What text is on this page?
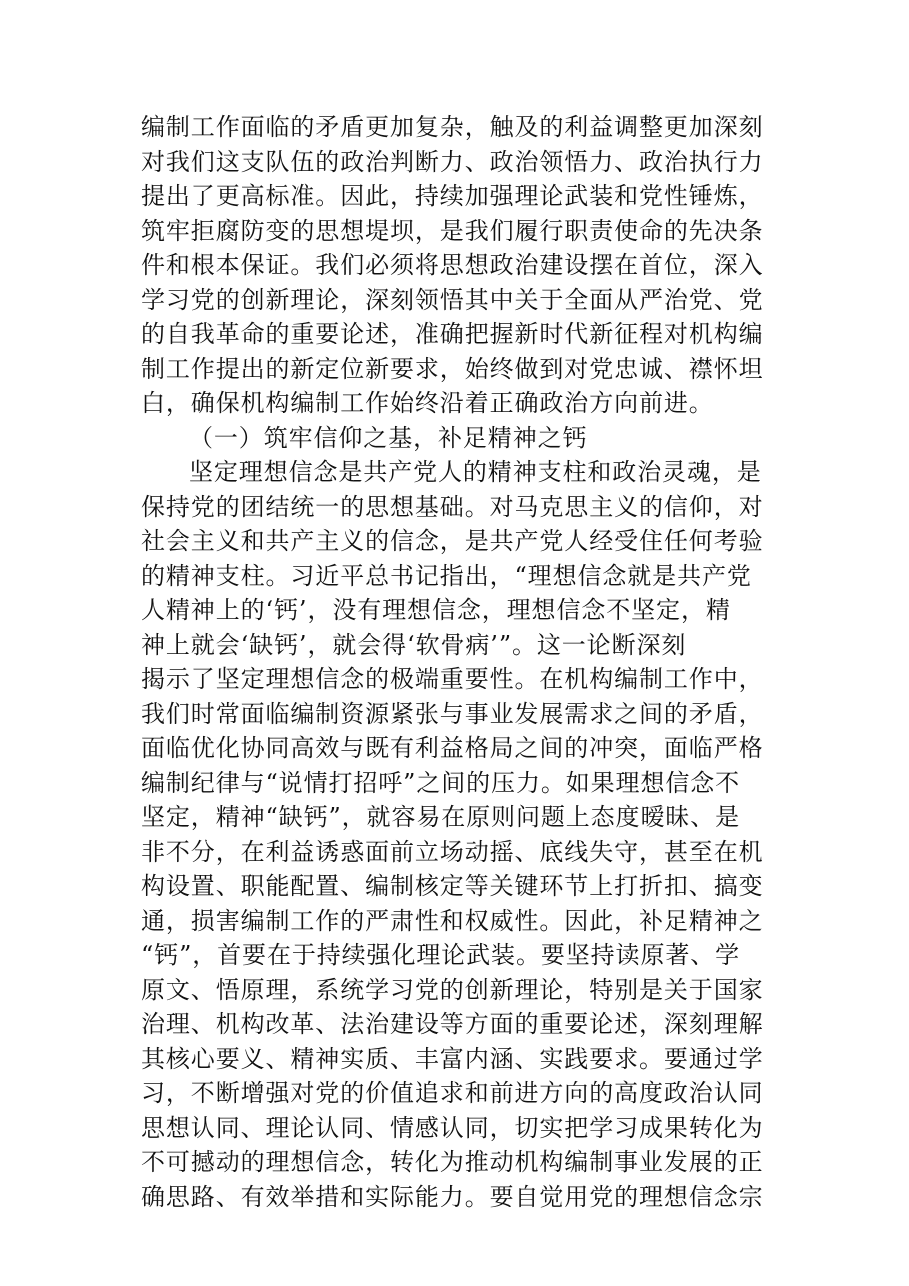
编制工作面临的矛盾更加复杂，触及的利益调整更加深刻
对我们这支队伍的政治判断力、政治领悟力、政治执行力
提出了更高标准。因此，持续加强理论武装和党性锤炼，
筑牢拒腐防变的思想堤坝，是我们履行职责使命的先决条
件和根本保证。我们必须将思想政治建设摆在首位，深入
学习党的创新理论，深刻领悟其中关于全面从严治党、党
的自我革命的重要论述，准确把握新时代新征程对机构编
制工作提出的新定位新要求，始终做到对党忠诚、襟怀坦
白，确保机构编制工作始终沿着正确政治方向前进。
（一）筑牢信仰之基，补足精神之钙
坚定理想信念是共产党人的精神支柱和政治灵魂，是
保持党的团结统一的思想基础。对马克思主义的信仰，对
社会主义和共产主义的信念，是共产党人经受住任何考验
的精神支柱。习近平总书记指出，“理想信念就是共产党
人精神上的‘钙’，没有理想信念，理想信念不坚定，精
神上就会‘缺钙’，就会得‘软骨病’”。这一论断深刻
揭示了坚定理想信念的极端重要性。在机构编制工作中，
我们时常面临编制资源紧张与事业发展需求之间的矛盾，
面临优化协同高效与既有利益格局之间的冲突，面临严格
编制纪律与“说情打招呼”之间的压力。如果理想信念不
坚定，精神“缺钙”，就容易在原则问题上态度暧昧、是
非不分，在利益诱惑面前立场动摇、底线失守，甚至在机
构设置、职能配置、编制核定等关键环节上打折扣、搞变
通，损害编制工作的严肃性和权威性。因此，补足精神之
“钙”，首要在于持续强化理论武装。要坚持读原著、学
原文、悟原理，系统学习党的创新理论，特别是关于国家
治理、机构改革、法治建设等方面的重要论述，深刻理解
其核心要义、精神实质、丰富内涵、实践要求。要通过学
习，不断增强对党的价值追求和前进方向的高度政治认同
思想认同、理论认同、情感认同，切实把学习成果转化为
不可撼动的理想信念，转化为推动机构编制事业发展的正
确思路、有效举措和实际能力。要自觉用党的理想信念宗
